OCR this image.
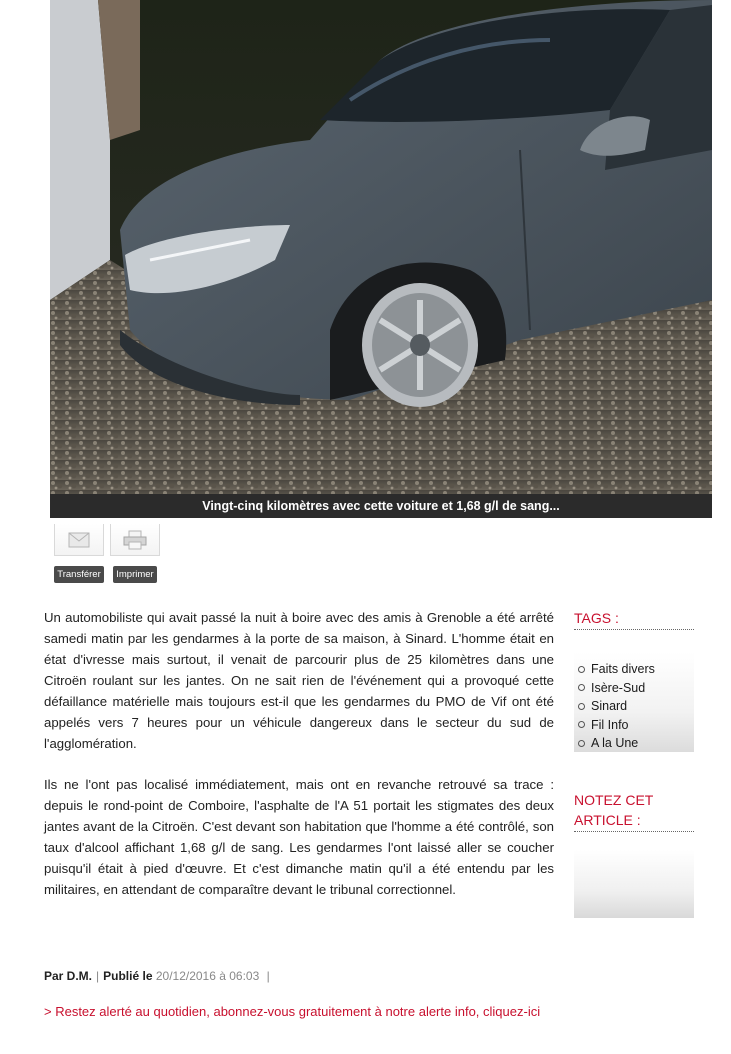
Vingt-cinq kilomètres avec cette voiture et 1,68 g/l de sang...
Transférer	Imprimer

Un automobiliste qui avait passé la nuit à boire avec des amis à Grenoble a été arrêté samedi matin par les gendarmes à la porte de sa maison, à Sinard. L'homme était en état d'ivresse mais surtout, il venait de parcourir plus de 25 kilomètres dans une Citroën roulant sur les jantes. On ne sait rien de l'événement qui a provoqué cette défaillance matérielle mais toujours est-il que les gendarmes du PMO de Vif ont été appelés vers 7 heures pour un véhicule dangereux dans le secteur du sud de l'agglomération.

Ils ne l'ont pas localisé immédiatement, mais ont en revanche retrouvé sa trace : depuis le rond-point de Comboire, l'asphalte de l'A 51 portait les stigmates des deux jantes avant de la Citroën. C'est devant son habitation que l'homme a été contrôlé, son taux d'alcool affichant 1,68 g/l de sang. Les gendarmes l'ont laissé aller se coucher puisqu'il était à pied d'œuvre. Et c'est dimanche matin qu'il a été entendu par les militaires, en attendant de comparaître devant le tribunal correctionnel.

TAGS :
Faits divers
Isère-Sud
Sinard
Fil Info
A la Une
NOTEZ CET
ARTICLE :
Par D.M. | Publié le 20/12/2016 à 06:03 |
> Restez alerté au quotidien, abonnez-vous gratuitement à notre alerte info, cliquez-ici
